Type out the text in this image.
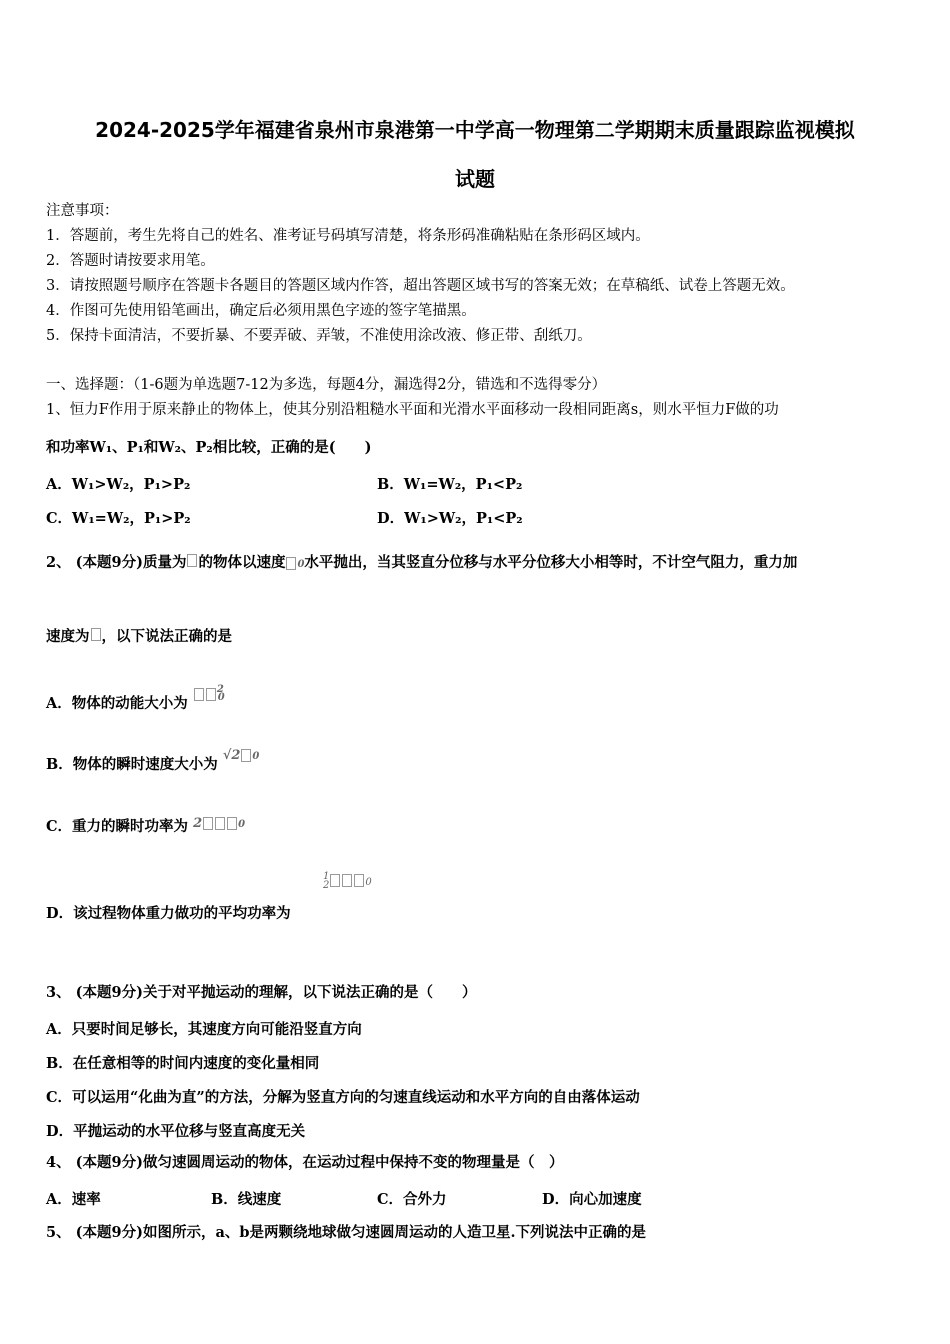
2024-2025学年福建省泉州市泉港第一中学高一物理第二学期期末质量跟踪监视模拟
试题
注意事项：
1．答题前，考生先将自己的姓名、准考证号码填写清楚，将条形码准确粘贴在条形码区域内。
2．答题时请按要求用笔。
3．请按照题号顺序在答题卡各题目的答题区域内作答，超出答题区域书写的答案无效；在草稿纸、试卷上答题无效。
4．作图可先使用铅笔画出，确定后必须用黑色字迹的签字笔描黑。
5．保持卡面清洁，不要折暴、不要弄破、弄皱，不准使用涂改液、修正带、刮纸刀。
一、选择题：（1-6题为单选题7-12为多选，每题4分，漏选得2分，错选和不选得零分）
1、恒力F作用于原来静止的物体上，使其分别沿粗糙水平面和光滑水平面移动一段相同距离s，则水平恒力F做的功
和功率W₁、P₁和W₂、P₂相比较，正确的是(　　)
A．W₁>W₂，P₁>P₂	B．W₁=W₂，P₁<P₂
C．W₁=W₂，P₁>P₂	D．W₁>W₂，P₁<P₂
2、 (本题9分)质量为 的物体以速度 0水平抛出，当其竖直分位移与水平分位移大小相等时，不计空气阻力，重力加
速度为 ，以下说法正确的是
A．物体的动能大小为 $^2$0
B．物体的瞬时速度大小为 √2 0
C．重力的瞬时功率为 2	0
1
2	0
D．该过程物体重力做功的平均功率为
3、 (本题9分)关于对平抛运动的理解，以下说法正确的是（　　）
A．只要时间足够长，其速度方向可能沿竖直方向
B．在任意相等的时间内速度的变化量相同
C．可以运用“化曲为直”的方法，分解为竖直方向的匀速直线运动和水平方向的自由落体运动
D．平抛运动的水平位移与竖直高度无关
4、 (本题9分)做匀速圆周运动的物体，在运动过程中保持不变的物理量是（　）
A．速率	B．线速度	C．合外力	D．向心加速度
5、 (本题9分)如图所示，a、b是两颗绕地球做匀速圆周运动的人造卫星.下列说法中正确的是
